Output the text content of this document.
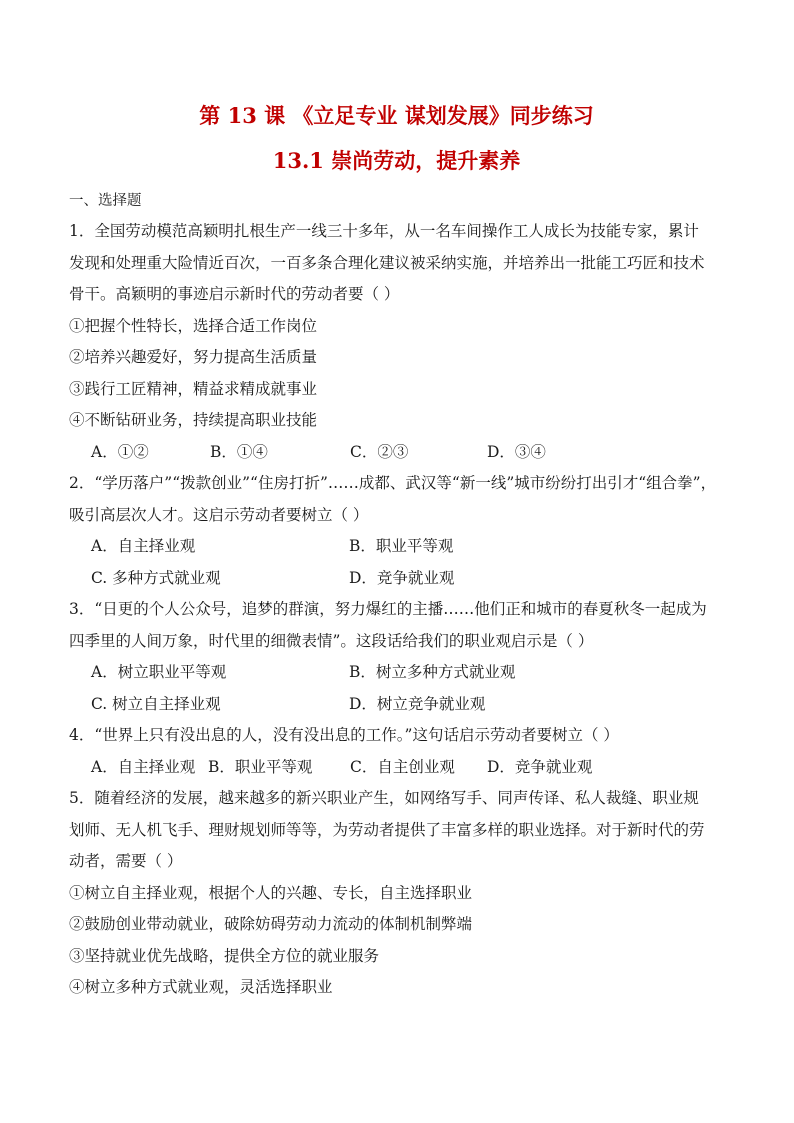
第 13 课 《立足专业 谋划发展》同步练习
13.1 崇尚劳动，提升素养
一、选择题
1．全国劳动模范高颖明扎根生产一线三十多年，从一名车间操作工人成长为技能专家，累计
发现和处理重大险情近百次，一百多条合理化建议被采纳实施，并培养出一批能工巧匠和技术
骨干。高颖明的事迹启示新时代的劳动者要（ ）
①把握个性特长，选择合适工作岗位
②培养兴趣爱好，努力提高生活质量
③践行工匠精神，精益求精成就事业
④不断钻研业务，持续提高职业技能
A．①②	B．①④	C．②③	D．③④
2．“学历落户”“拨款创业”“住房打折”……成都、武汉等“新一线”城市纷纷打出引才“组合拳”，
吸引高层次人才。这启示劳动者要树立（ ）
A．自主择业观	B．职业平等观
C. 多种方式就业观	D．竞争就业观
3．“日更的个人公众号，追梦的群演，努力爆红的主播……他们正和城市的春夏秋冬一起成为
四季里的人间万象，时代里的细微表情”。这段话给我们的职业观启示是（ ）
A．树立职业平等观	B．树立多种方式就业观
C. 树立自主择业观	D．树立竞争就业观
4．“世界上只有没出息的人，没有没出息的工作。”这句话启示劳动者要树立（ ）
A．自主择业观 B．职业平等观 C．自主创业观 D．竞争就业观
5．随着经济的发展，越来越多的新兴职业产生，如网络写手、同声传译、私人裁缝、职业规
划师、无人机飞手、理财规划师等等，为劳动者提供了丰富多样的职业选择。对于新时代的劳
动者，需要（ ）
①树立自主择业观，根据个人的兴趣、专长，自主选择职业
②鼓励创业带动就业，破除妨碍劳动力流动的体制机制弊端
③坚持就业优先战略，提供全方位的就业服务
④树立多种方式就业观，灵活选择职业
